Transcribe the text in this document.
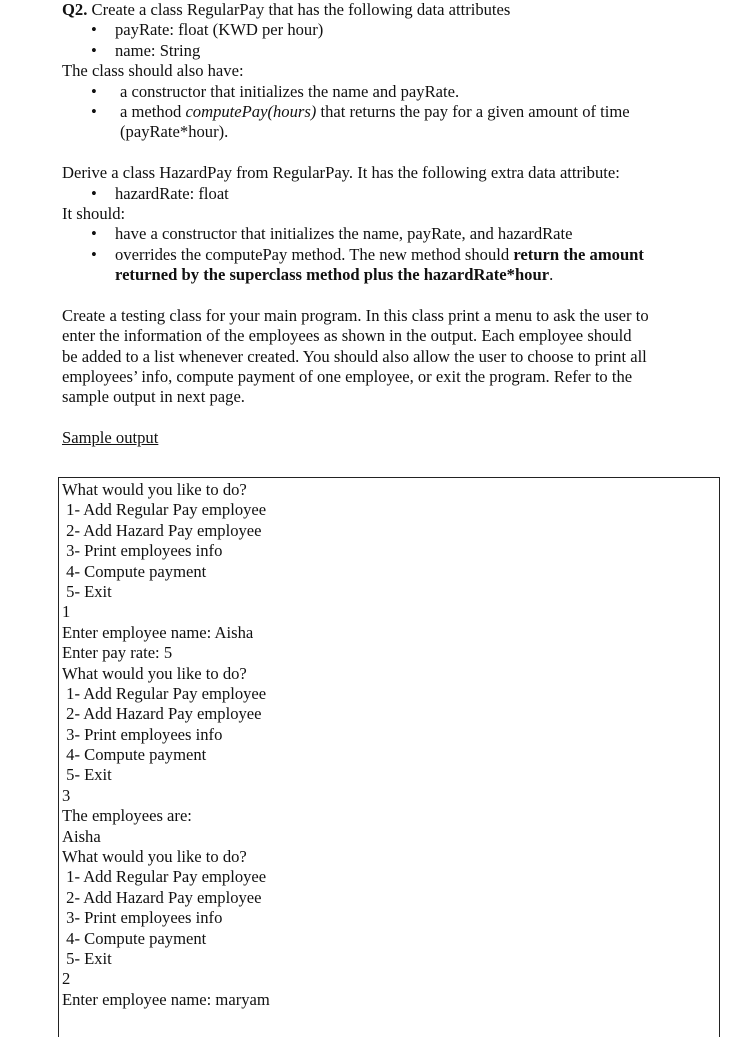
Q2. Create a class RegularPay that has the following data attributes
• payRate: float (KWD per hour)
• name: String
The class should also have:
• a constructor that initializes the name and payRate.
• a method computePay(hours) that returns the pay for a given amount of time
(payRate*hour).
Derive a class HazardPay from RegularPay. It has the following extra data attribute:
• hazardRate: float
It should:
• have a constructor that initializes the name, payRate, and hazardRate
• overrides the computePay method. The new method should return the amount
returned by the superclass method plus the hazardRate*hour.
Create a testing class for your main program. In this class print a menu to ask the user to
enter the information of the employees as shown in the output. Each employee should
be added to a list whenever created. You should also allow the user to choose to print all
employees’ info, compute payment of one employee, or exit the program. Refer to the
sample output in next page.
Sample output
What would you like to do?
1- Add Regular Pay employee
2- Add Hazard Pay employee
3- Print employees info
4- Compute payment
5- Exit
1
Enter employee name: Aisha
Enter pay rate: 5
What would you like to do?
1- Add Regular Pay employee
2- Add Hazard Pay employee
3- Print employees info
4- Compute payment
5- Exit
3
The employees are:
Aisha
What would you like to do?
1- Add Regular Pay employee
2- Add Hazard Pay employee
3- Print employees info
4- Compute payment
5- Exit
2
Enter employee name: maryam
